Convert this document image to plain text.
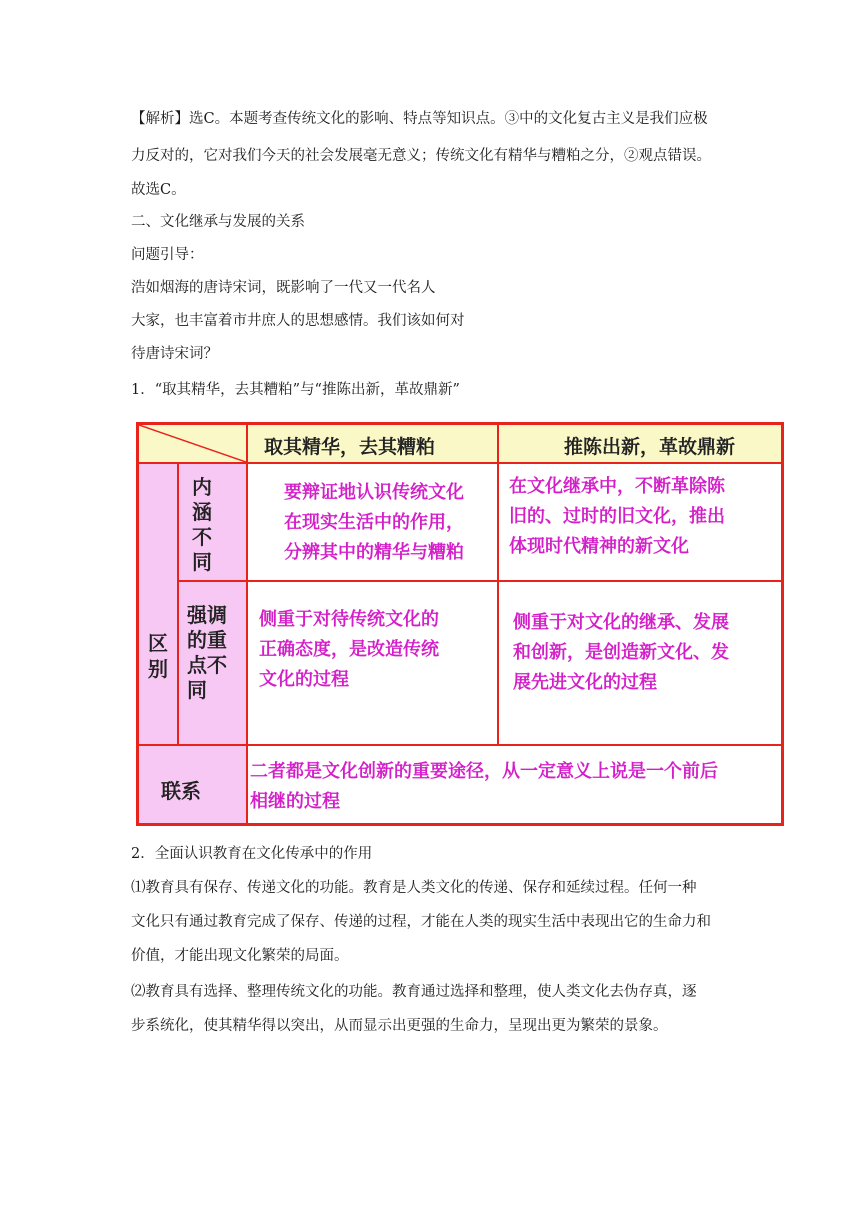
【解析】选C。本题考查传统文化的影响、特点等知识点。③中的文化复古主义是我们应极
力反对的，它对我们今天的社会发展毫无意义；传统文化有精华与糟粕之分，②观点错误。
故选C。
二、文化继承与发展的关系
问题引导：
浩如烟海的唐诗宋词，既影响了一代又一代名人
大家，也丰富着市井庶人的思想感情。我们该如何对
待唐诗宋词？
1．“取其精华，去其糟粕”与“推陈出新，革故鼎新”
取其精华，去其糟粕	推陈出新，革故鼎新
区
别
内
涵
不
同
强调
的重
点不
同
要辩证地认识传统文化
在现实生活中的作用，
分辨其中的精华与糟粕
在文化继承中，不断革除陈
旧的、过时的旧文化，推出
体现时代精神的新文化
侧重于对待传统文化的
正确态度，是改造传统
文化的过程
侧重于对文化的继承、发展
和创新，是创造新文化、发
展先进文化的过程
联系
二者都是文化创新的重要途径，从一定意义上说是一个前后
相继的过程
2．全面认识教育在文化传承中的作用
⑴教育具有保存、传递文化的功能。教育是人类文化的传递、保存和延续过程。任何一种
文化只有通过教育完成了保存、传递的过程，才能在人类的现实生活中表现出它的生命力和
价值，才能出现文化繁荣的局面。
⑵教育具有选择、整理传统文化的功能。教育通过选择和整理，使人类文化去伪存真，逐
步系统化，使其精华得以突出，从而显示出更强的生命力，呈现出更为繁荣的景象。
